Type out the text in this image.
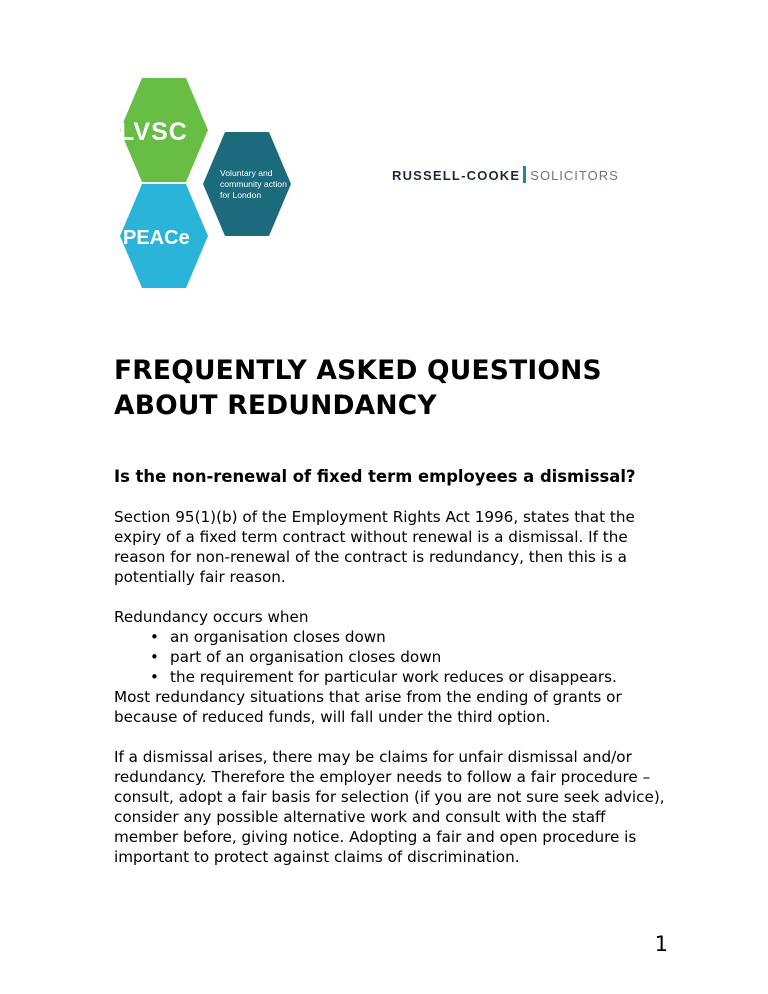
LVSC
Voluntary and
community action
for London
PEACe
RUSSELL-COOKE SOLICITORS
FREQUENTLY ASKED QUESTIONS
ABOUT REDUNDANCY

Is the non-renewal of fixed term employees a dismissal?

Section 95(1)(b) of the Employment Rights Act 1996, states that the expiry of a fixed term contract without renewal is a dismissal. If the reason for non-renewal of the contract is redundancy, then this is a potentially fair reason.

Redundancy occurs when

• an organisation closes down
• part of an organisation closes down
• the requirement for particular work reduces or disappears.

Most redundancy situations that arise from the ending of grants or because of reduced funds, will fall under the third option.

If a dismissal arises, there may be claims for unfair dismissal and/or redundancy. Therefore the employer needs to follow a fair procedure – consult, adopt a fair basis for selection (if you are not sure seek advice), consider any possible alternative work and consult with the staff member before, giving notice. Adopting a fair and open procedure is important to protect against claims of discrimination.

1
